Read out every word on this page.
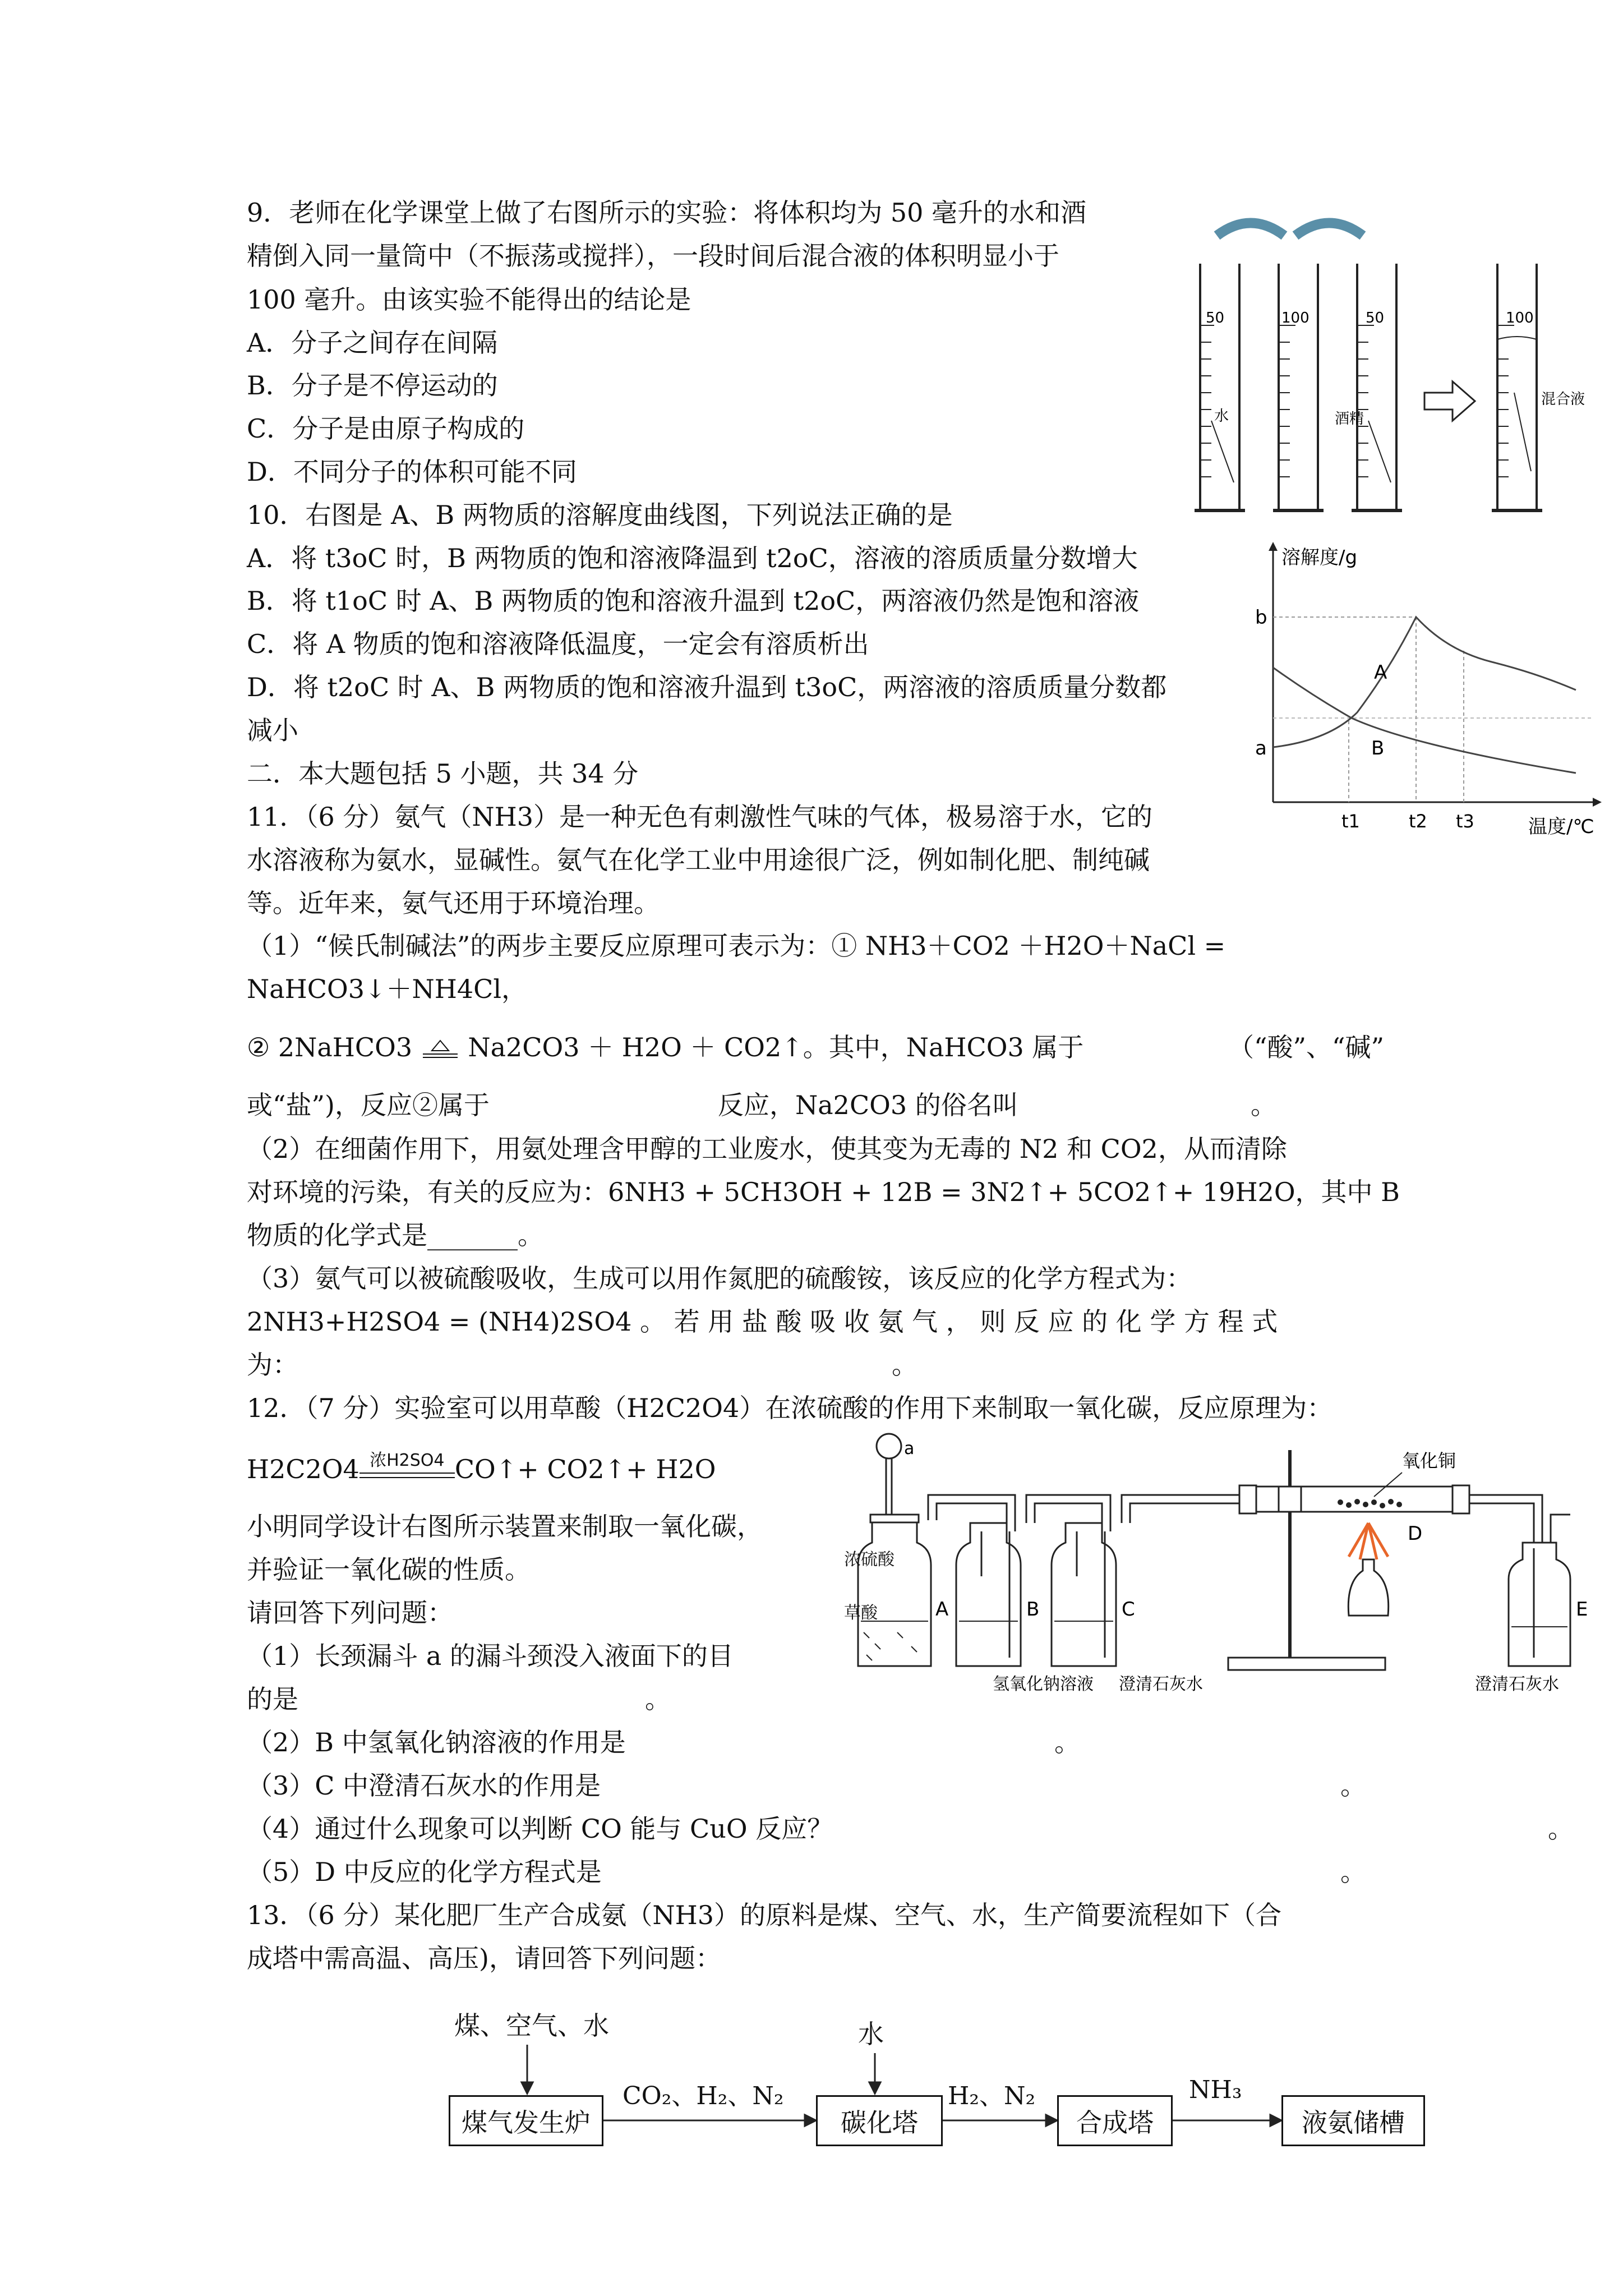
9．老师在化学课堂上做了右图所示的实验：将体积均为 50 毫升的水和酒
精倒入同一量筒中（不振荡或搅拌），一段时间后混合液的体积明显小于
100 毫升。由该实验不能得出的结论是
A．分子之间存在间隔
B．分子是不停运动的
C．分子是由原子构成的
D．不同分子的体积可能不同
50
水
100	50
酒精
100
混合液
10．右图是 A、B 两物质的溶解度曲线图，下列说法正确的是
A．将 t3oC 时，B 两物质的饱和溶液降温到 t2oC，溶液的溶质质量分数增大
B．将 t1oC 时 A、B 两物质的饱和溶液升温到 t2oC，两溶液仍然是饱和溶液
C．将 A 物质的饱和溶液降低温度，一定会有溶质析出
D．将 t2oC 时 A、B 两物质的饱和溶液升温到 t3oC，两溶液的溶质质量分数都
减小
溶解度/g
温度/℃
b
a
A
B
t1	t2 t3
二．本大题包括 5 小题，共 34 分
11．（6 分）氨气（NH3）是一种无色有刺激性气味的气体，极易溶于水，它的
水溶液称为氨水，显碱性。氨气在化学工业中用途很广泛，例如制化肥、制纯碱
等。近年来，氨气还用于环境治理。
（1）“候氏制碱法”的两步主要反应原理可表示为：① NH3＋CO2 ＋H2O＋NaCl =
NaHCO3↓＋NH4Cl，
② 2NaHCO3 Na2CO3 ＋ H2O ＋ CO2↑。其中，NaHCO3 属于	（“酸”、“碱”
或“盐”)，反应②属于	反应，Na2CO3 的俗名叫	。
（2）在细菌作用下，用氨处理含甲醇的工业废水，使其变为无毒的 N2 和 CO2，从而清除
对环境的污染，有关的反应为：6NH3 + 5CH3OH + 12B = 3N2↑+ 5CO2↑+ 19H2O，其中 B
物质的化学式是_______。
（3）氨气可以被硫酸吸收，生成可以用作氮肥的硫酸铵，该反应的化学方程式为：
2NH3+H2SO4 = (NH4)2SO4 。 若 用 盐 酸 吸 收 氨 气 ， 则 反 应 的 化 学 方 程 式
为：	。
12．（7 分）实验室可以用草酸（H2C2O4）在浓硫酸的作用下来制取一氧化碳，反应原理为：
H2C2O4 浓H2SO4 CO↑+ CO2↑+ H2O
小明同学设计右图所示装置来制取一氧化碳，
并验证一氧化碳的性质。
请回答下列问题：
（1）长颈漏斗 a 的漏斗颈没入液面下的目
的是	。
（2）B 中氢氧化钠溶液的作用是	。
（3）C 中澄清石灰水的作用是	。
（4）通过什么现象可以判断 CO 能与 CuO 反应？	。
（5）D 中反应的化学方程式是	。
a
A	B	C
氧化铜
D
E
氢氧化钠溶液 澄清石灰水	澄清石灰水
浓硫酸
草酸
13．（6 分）某化肥厂生产合成氨（NH3）的原料是煤、空气、水，生产简要流程如下（合
成塔中需高温、高压)，请回答下列问题：
煤、空气、水	水
煤气发生炉	碳化塔	合成塔	液氨储槽
CO₂、H₂、N₂	H₂、N₂	NH₃
